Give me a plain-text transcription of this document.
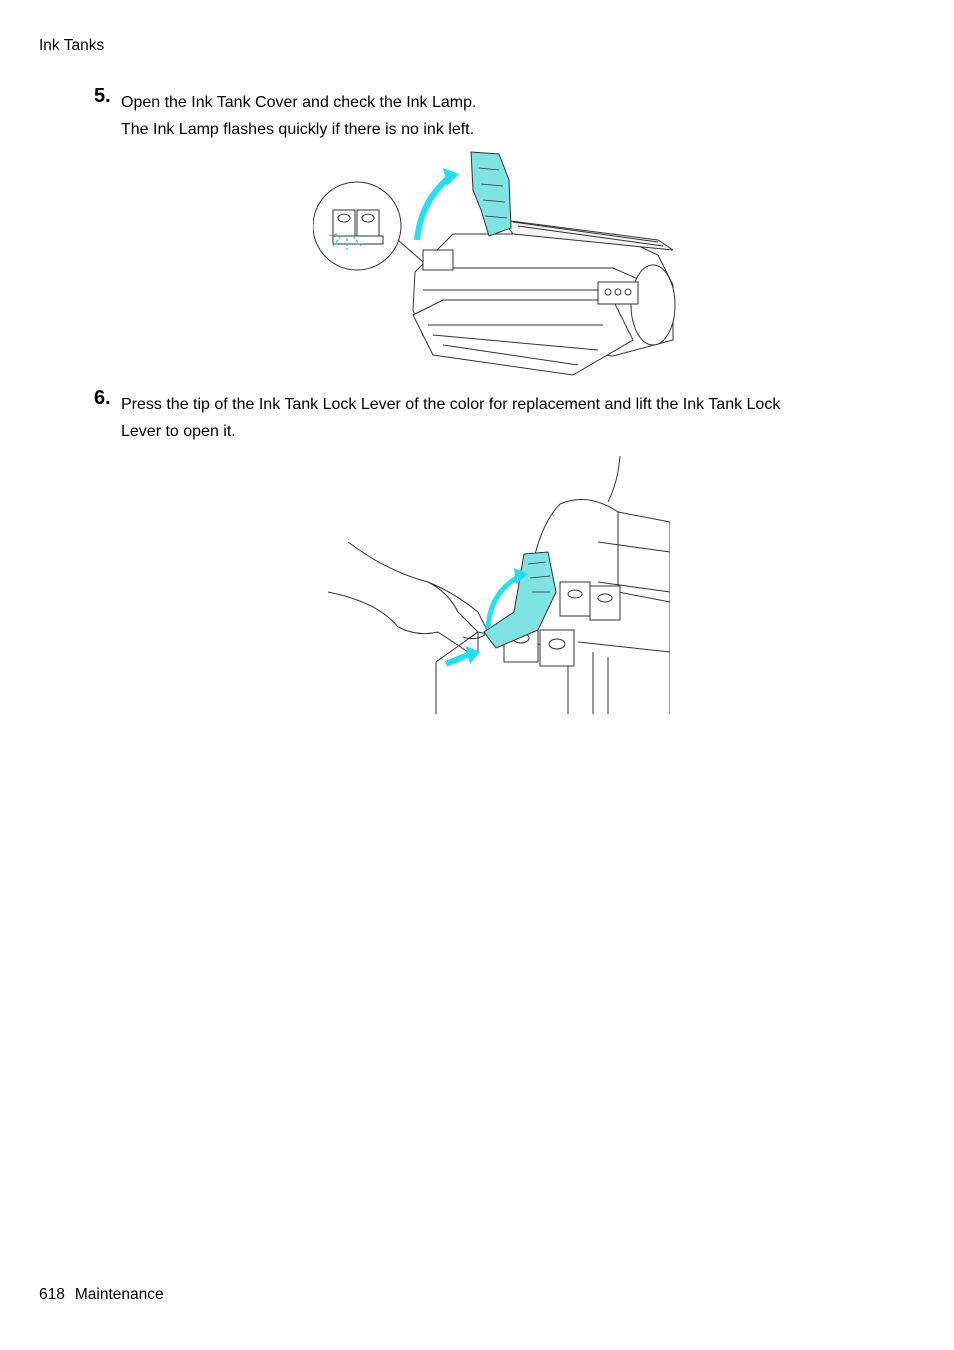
Ink Tanks
5. Open the Ink Tank Cover and check the Ink Lamp.

The Ink Lamp flashes quickly if there is no ink left.

6. Press the tip of the Ink Tank Lock Lever of the color for replacement and lift the Ink Tank Lock

Lever to open it.

618 Maintenance
